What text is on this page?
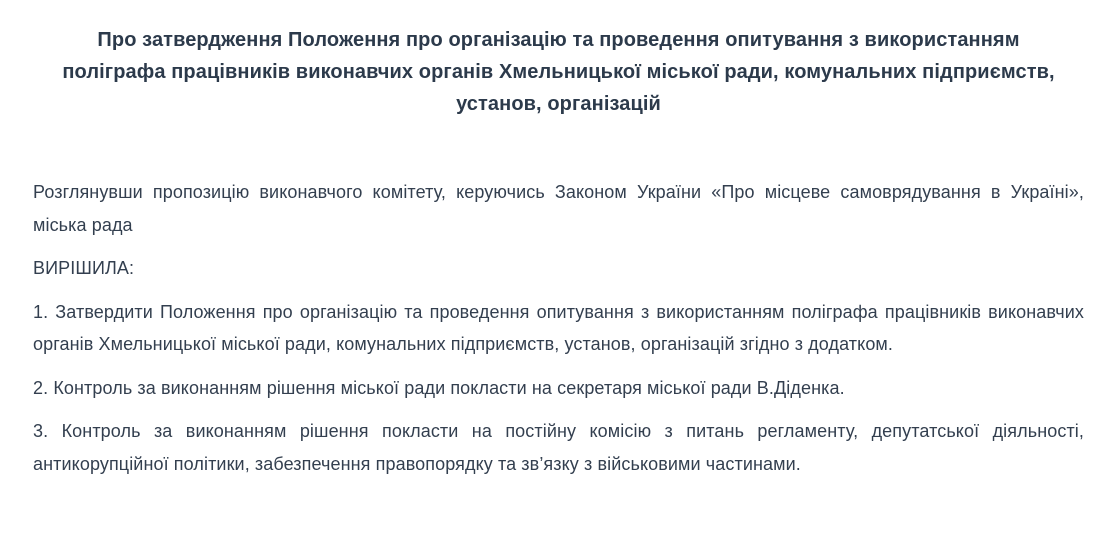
Про затвердження Положення про організацію та проведення опитування з використанням поліграфа працівників виконавчих органів Хмельницької міської ради, комунальних підприємств, установ, організацій

Розглянувши пропозицію виконавчого комітету, керуючись Законом України «Про місцеве самоврядування в Україні», міська рада

ВИРІШИЛА:

1. Затвердити Положення про організацію та проведення опитування з використанням поліграфа працівників виконавчих органів Хмельницької міської ради, комунальних підприємств, установ, організацій згідно з додатком.

2. Контроль за виконанням рішення міської ради покласти на секретаря міської ради В.Діденка.

3. Контроль за виконанням рішення покласти на постійну комісію з питань регламенту, депутатської діяльності, антикорупційної політики, забезпечення правопорядку та зв’язку з військовими частинами.
